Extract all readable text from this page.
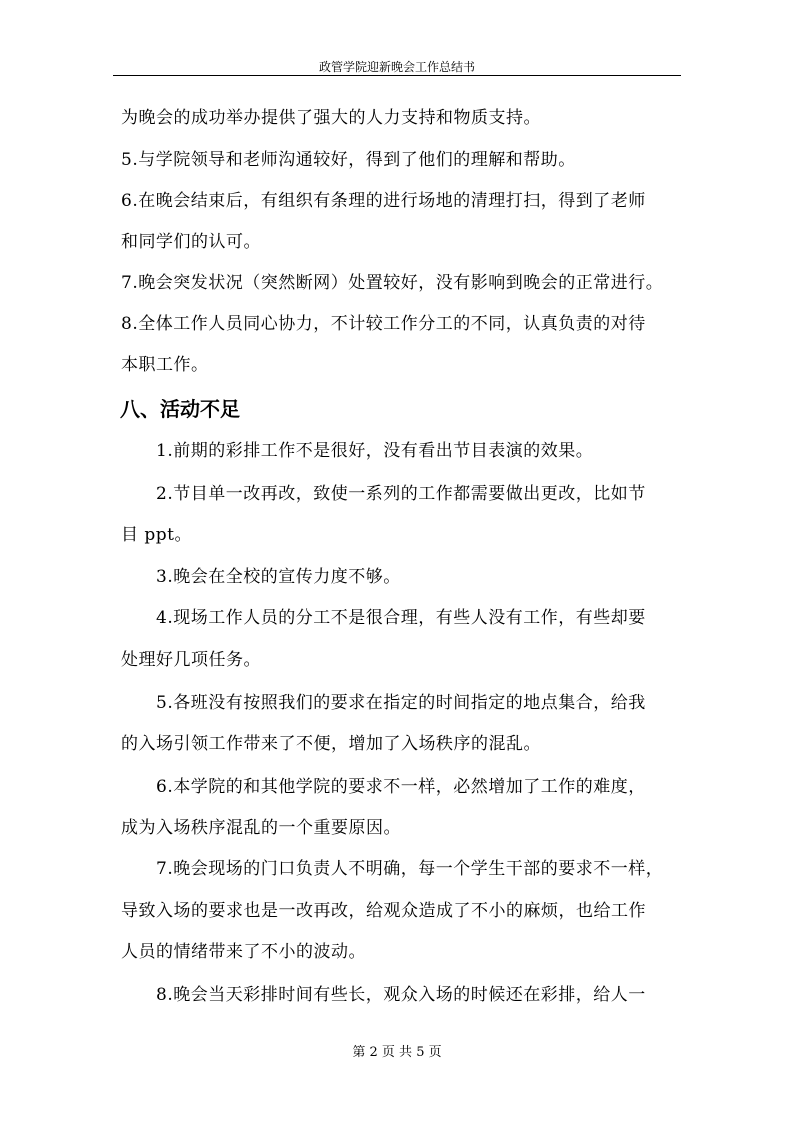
政管学院迎新晚会工作总结书
为晚会的成功举办提供了强大的人力支持和物质支持。
5.与学院领导和老师沟通较好，得到了他们的理解和帮助。
6.在晚会结束后，有组织有条理的进行场地的清理打扫，得到了老师
和同学们的认可。
7.晚会突发状况（突然断网）处置较好，没有影响到晚会的正常进行。
8.全体工作人员同心协力，不计较工作分工的不同，认真负责的对待
本职工作。
八、活动不足
1.前期的彩排工作不是很好，没有看出节目表演的效果。
2.节目单一改再改，致使一系列的工作都需要做出更改，比如节
目 ppt。
3.晚会在全校的宣传力度不够。
4.现场工作人员的分工不是很合理，有些人没有工作，有些却要
处理好几项任务。
5.各班没有按照我们的要求在指定的时间指定的地点集合，给我
的入场引领工作带来了不便，增加了入场秩序的混乱。
6.本学院的和其他学院的要求不一样，必然增加了工作的难度，
成为入场秩序混乱的一个重要原因。
7.晚会现场的门口负责人不明确，每一个学生干部的要求不一样，
导致入场的要求也是一改再改，给观众造成了不小的麻烦，也给工作
人员的情绪带来了不小的波动。
8.晚会当天彩排时间有些长，观众入场的时候还在彩排，给人一
第 2 页 共 5 页
